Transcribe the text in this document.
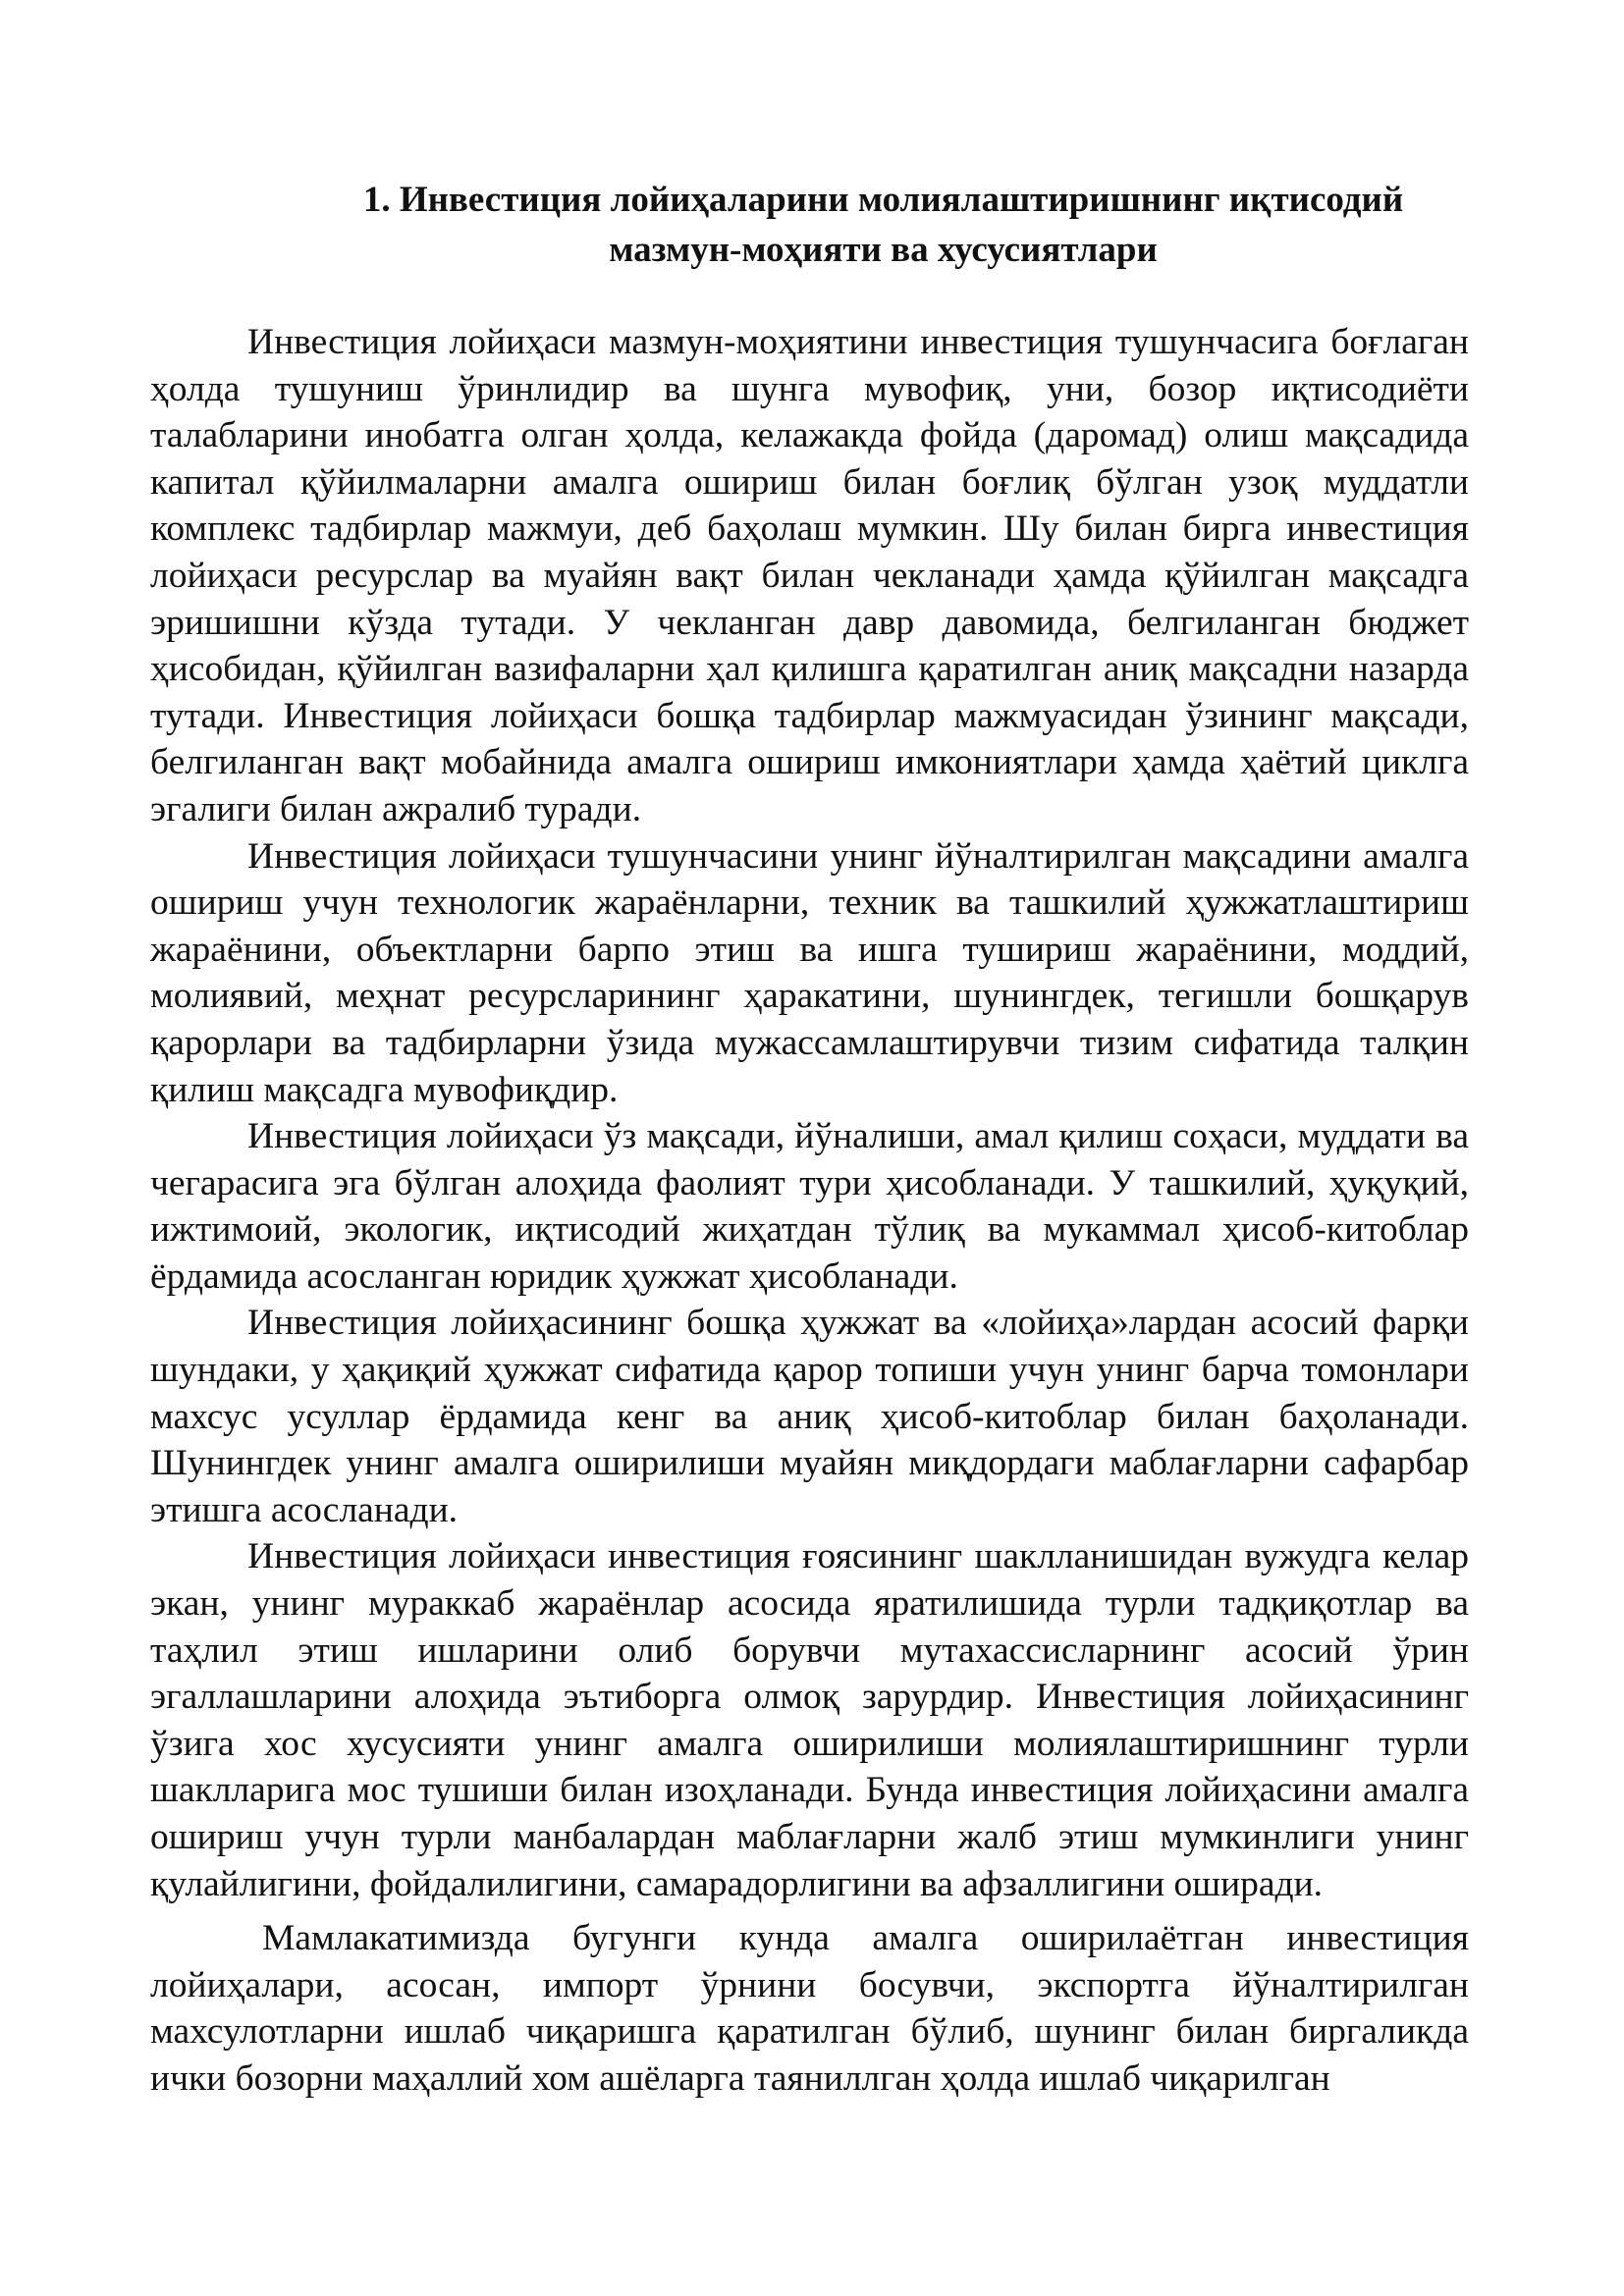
1. Инвестиция лойиҳаларини молиялаштиришнинг иқтисодий
мазмун-моҳияти ва хусусиятлари

Инвестиция лойиҳаси мазмун-моҳиятини инвестиция тушунчасига боғлаган ҳолда тушуниш ўринлидир ва шунга мувофиқ, уни, бозор иқтисодиёти талабларини инобатга олган ҳолда, келажакда фойда (даромад) олиш мақсадида капитал қўйилмаларни амалга ошириш билан боғлиқ бўлган узоқ муддатли комплекс тадбирлар мажмуи, деб баҳолаш мумкин. Шу билан бирга инвестиция лойиҳаси ресурслар ва муайян вақт билан чекланади ҳамда қўйилган мақсадга эришишни кўзда тутади. У чекланган давр давомида, белгиланган бюджет ҳисобидан, қўйилган вазифаларни ҳал қилишга қаратилган аниқ мақсадни назарда тутади. Инвестиция лойиҳаси бошқа тадбирлар мажмуасидан ўзининг мақсади, белгиланган вақт мобайнида амалга ошириш имкониятлари ҳамда ҳаётий циклга эгалиги билан ажралиб туради.

Инвестиция лойиҳаси тушунчасини унинг йўналтирилган мақсадини амалга ошириш учун технологик жараёнларни, техник ва ташкилий ҳужжатлаштириш жараёнини, объектларни барпо этиш ва ишга тушириш жараёнини, моддий, молиявий, меҳнат ресурсларининг ҳаракатини, шунингдек, тегишли бошқарув қарорлари ва тадбирларни ўзида мужассамлаштирувчи тизим сифатида талқин қилиш мақсадга мувофиқдир.

Инвестиция лойиҳаси ўз мақсади, йўналиши, амал қилиш соҳаси, муддати ва чегарасига эга бўлган алоҳида фаолият тури ҳисобланади. У ташкилий, ҳуқуқий, ижтимоий, экологик, иқтисодий жиҳатдан тўлиқ ва мукаммал ҳисоб-китоблар ёрдамида асосланган юридик ҳужжат ҳисобланади.

Инвестиция лойиҳасининг бошқа ҳужжат ва «лойиҳа»лардан асосий фарқи шундаки, у ҳақиқий ҳужжат сифатида қарор топиши учун унинг барча томонлари махсус усуллар ёрдамида кенг ва аниқ ҳисоб-китоблар билан баҳоланади. Шунингдек унинг амалга оширилиши муайян миқдордаги маблағларни сафарбар этишга асосланади.

Инвестиция лойиҳаси инвестиция ғоясининг шаклланишидан вужудга келар экан, унинг мураккаб жараёнлар асосида яратилишида турли тадқиқотлар ва таҳлил этиш ишларини олиб борувчи мутахассисларнинг асосий ўрин эгаллашларини алоҳида эътиборга олмоқ зарурдир. Инвестиция лойиҳасининг ўзига хос хусусияти унинг амалга оширилиши молиялаштиришнинг турли шаклларига мос тушиши билан изоҳланади. Бунда инвестиция лойиҳасини амалга ошириш учун турли манбалардан маблағларни жалб этиш мумкинлиги унинг қулайлигини, фойдалилигини, самарадорлигини ва афзаллигини оширади.

Мамлакатимизда бугунги кунда амалга оширилаётган инвестиция лойиҳалари, асосан, импорт ўрнини босувчи, экспортга йўналтирилган махсулотларни ишлаб чиқаришга қаратилган бўлиб, шунинг билан биргаликда ички бозорни маҳаллий хом ашёларга таяниллган ҳолда ишлаб чиқарилган
